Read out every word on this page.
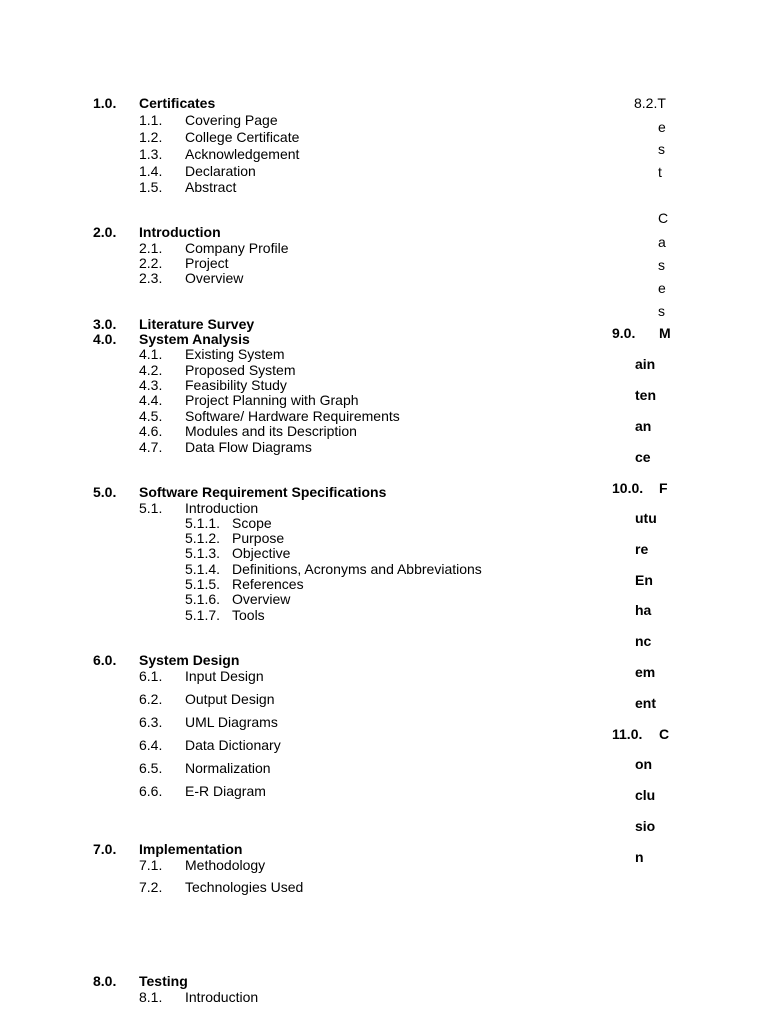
1.0. Certificates
1.1. Covering Page
1.2. College Certificate
1.3. Acknowledgement
1.4. Declaration
1.5. Abstract
2.0. Introduction
2.1. Company Profile
2.2. Project
2.3. Overview
3.0. Literature Survey
4.0. System Analysis
4.1. Existing System
4.2. Proposed System
4.3. Feasibility Study
4.4. Project Planning with Graph
4.5. Software/ Hardware Requirements
4.6. Modules and its Description
4.7. Data Flow Diagrams
5.0. Software Requirement Specifications
5.1. Introduction
5.1.1. Scope
5.1.2. Purpose
5.1.3. Objective
5.1.4. Definitions, Acronyms and Abbreviations
5.1.5. References
5.1.6. Overview
5.1.7. Tools
6.0. System Design
6.1. Input Design
6.2. Output Design
6.3. UML Diagrams
6.4. Data Dictionary
6.5. Normalization
6.6. E-R Diagram
7.0. Implementation
7.1. Methodology
7.2. Technologies Used
8.0. Testing
8.1. Introduction
8.2.T
e
s
t
C
a
s
e
s
9.0. M
ain
ten
an
ce
10.0. F
utu
re
En
ha
nc
em
ent
11.0. C
on
clu
sio
n
